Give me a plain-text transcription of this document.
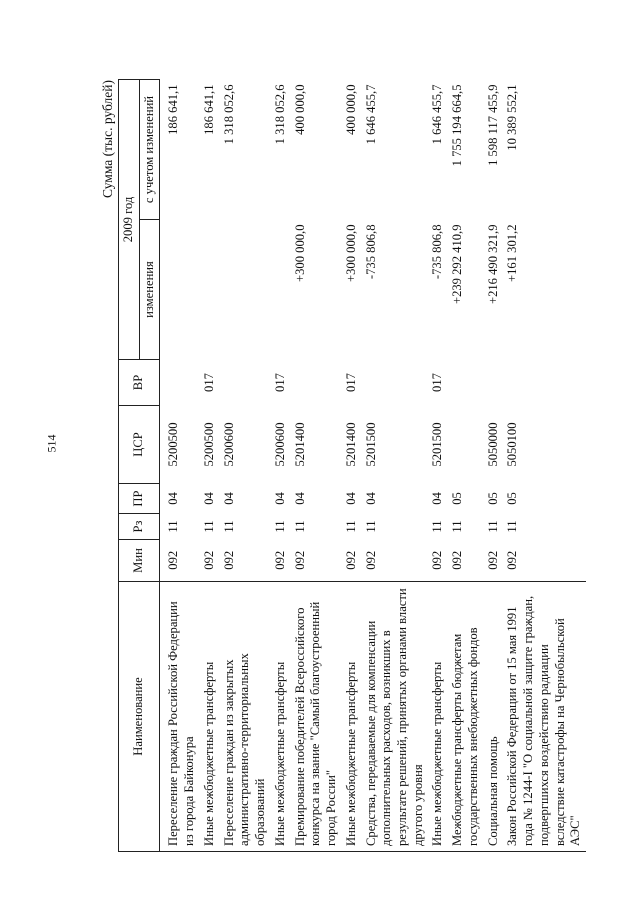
514
Сумма (тыс. рублей)
Наименование	Мин	Рз	ПР	ЦСР	ВР	2009 год	
						изменения	с учетом изменений
Переселение граждан Российской Федерации из города Байконура	092	11	04	5200500			186 641,1
Иные межбюджетные трансферты	092	11	04	5200500	017		186 641,1
Переселение граждан из закрытых административно-территориальных образований	092	11	04	5200600			1 318 052,6
Иные межбюджетные трансферты	092	11	04	5200600	017		1 318 052,6
Премирование победителей Всероссийского конкурса на звание "Самый благоустроенный город России"	092	11	04	5201400		+300 000,0	400 000,0
Иные межбюджетные трансферты	092	11	04	5201400	017	+300 000,0	400 000,0
Средства, передаваемые для компенсации дополнительных расходов, возникших в результате решений, принятых органами власти другого уровня	092	11	04	5201500		-735 806,8	1 646 455,7
Иные межбюджетные трансферты	092	11	04	5201500	017	-735 806,8	1 646 455,7
Межбюджетные трансферты бюджетам государственных внебюджетных фондов	092	11	05			+239 292 410,9	1 755 194 664,5
Социальная помощь	092	11	05	5050000		+216 490 321,9	1 598 117 455,9
Закон Российской Федерации от 15 мая 1991 года № 1244-I "О социальной защите граждан, подвергшихся воздействию радиации вследствие катастрофы на Чернобыльской АЭС"	092	11	05	5050100		+161 301,2	10 389 552,1
